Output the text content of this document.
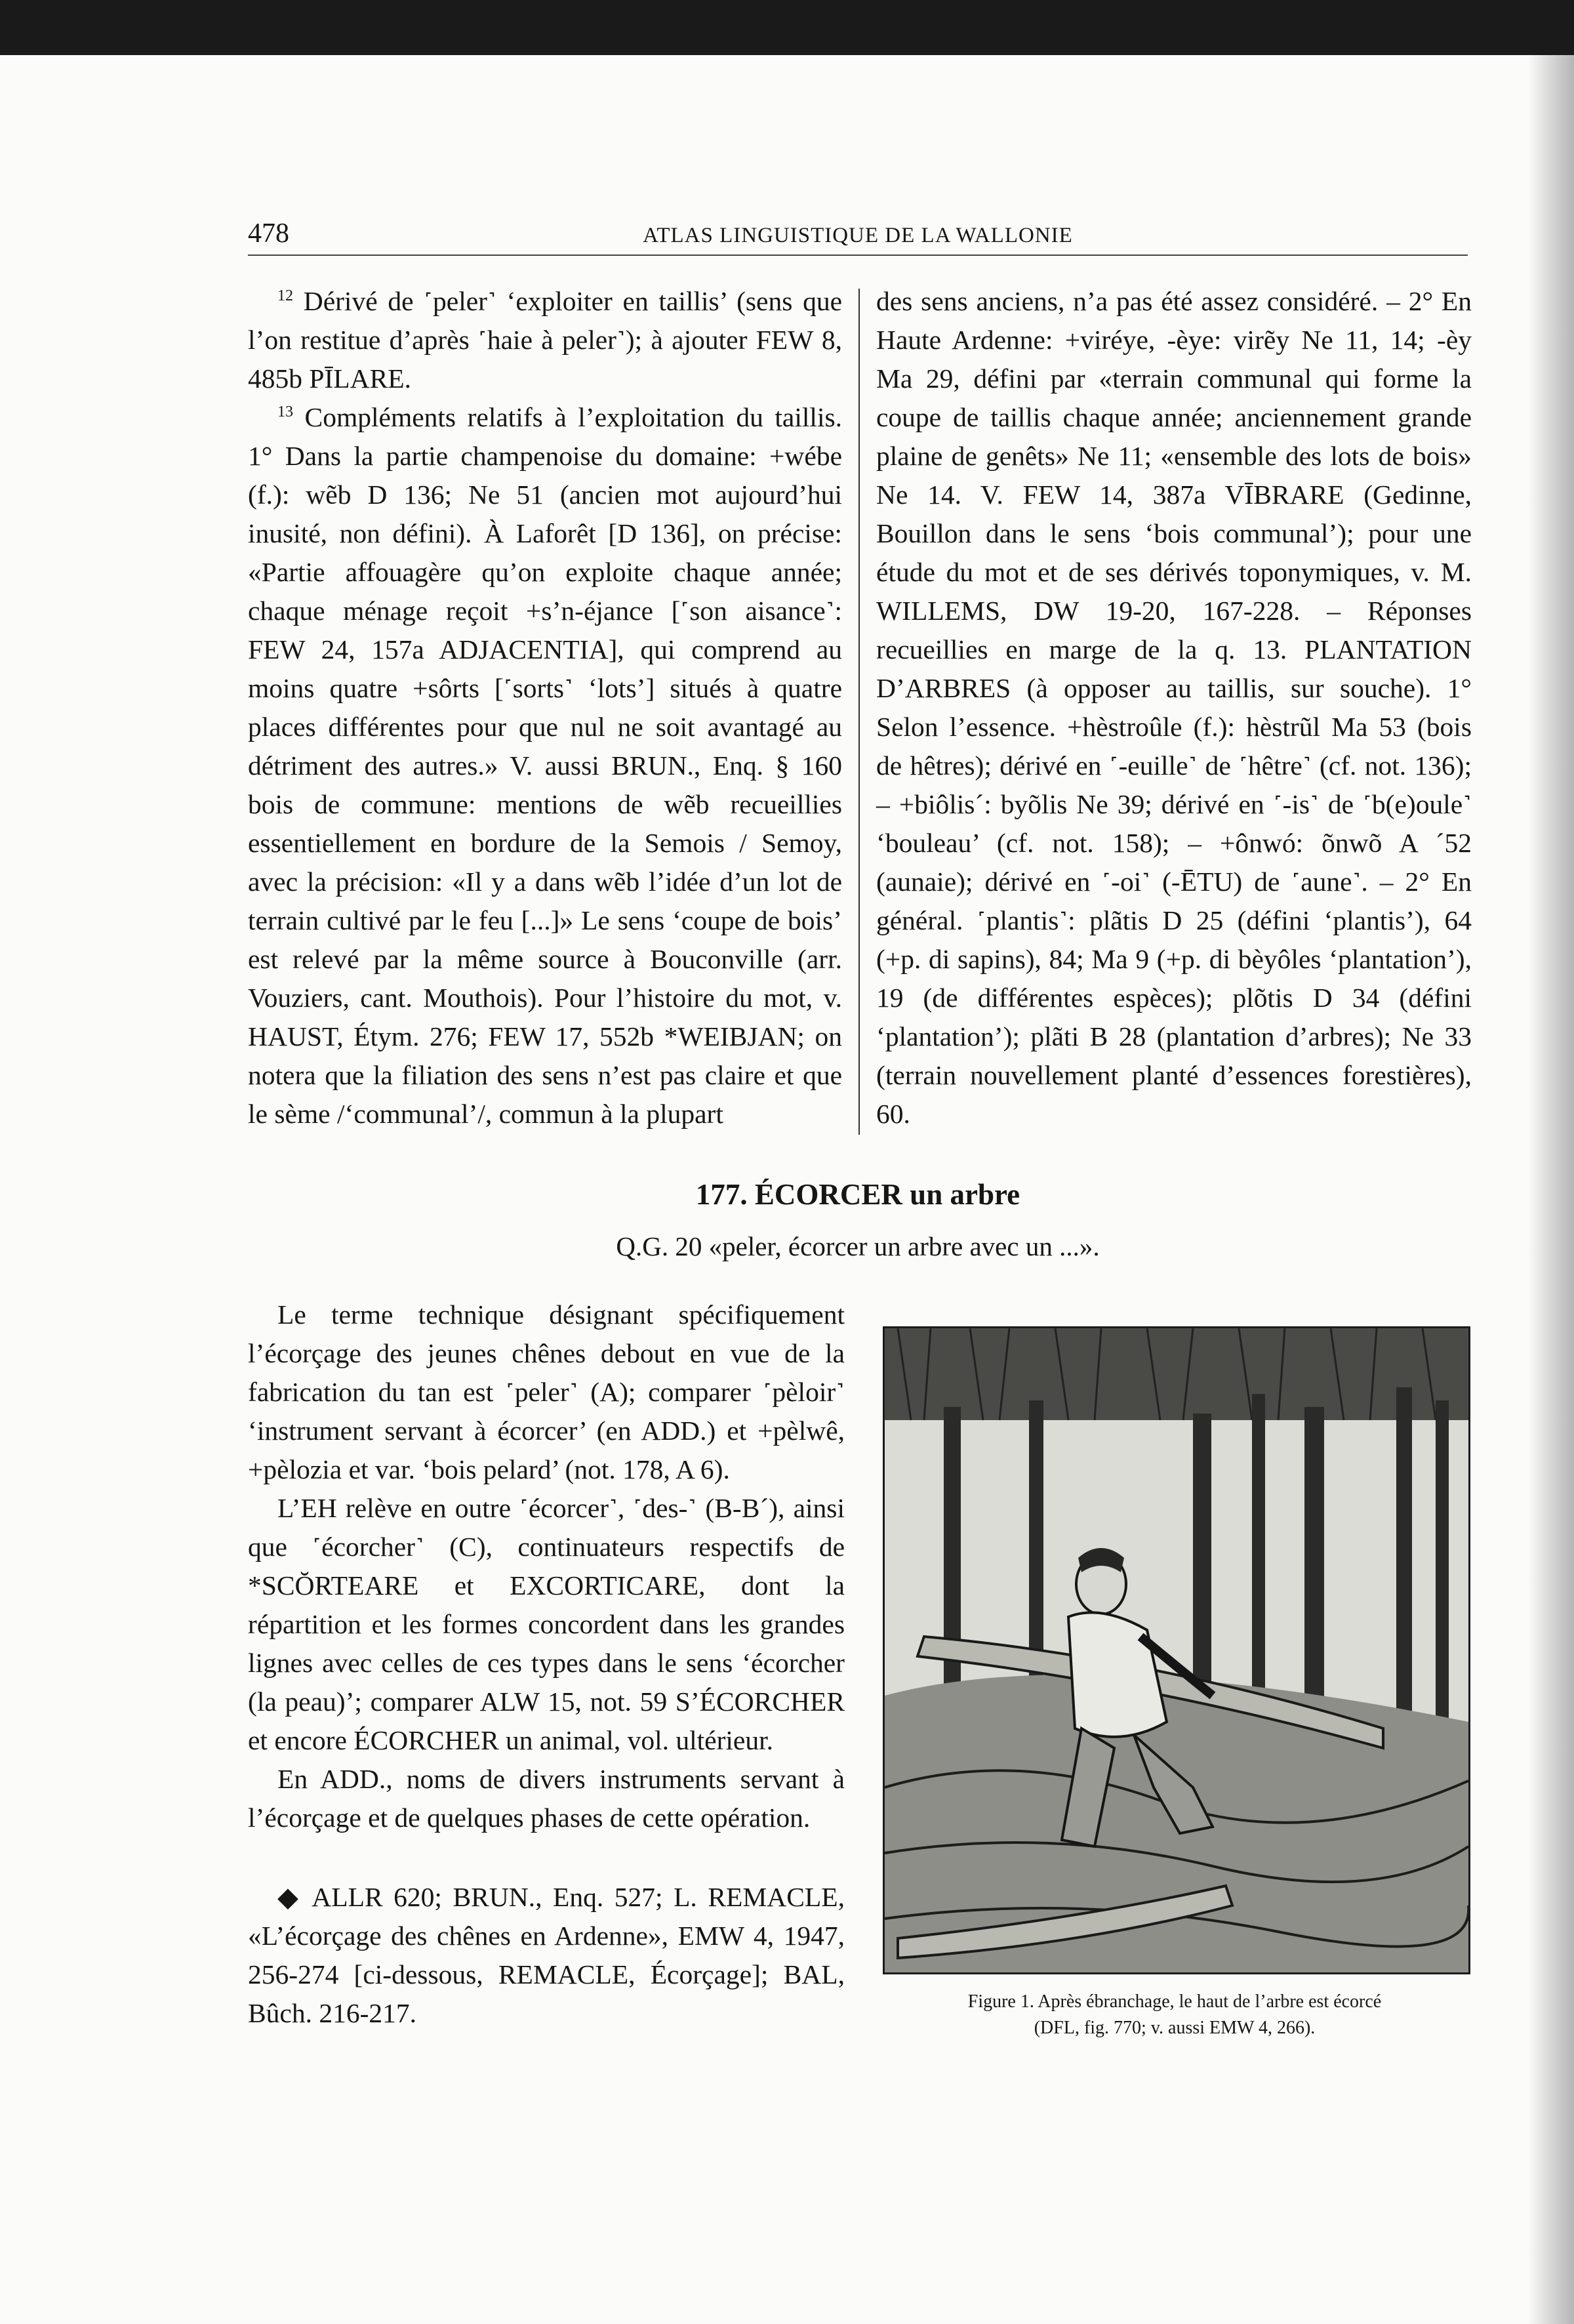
478	ATLAS LINGUISTIQUE DE LA WALLONIE

$^{12}$ Dérivé de ˹peler˺ ‘exploiter en taillis’ (sens que l’on restitue d’après ˹haie à peler˺); à ajouter FEW 8, 485b PĪLARE.

$^{13}$ Compléments relatifs à l’exploitation du taillis. 1° Dans la partie champenoise du domaine: +wébe (f.): wẽb D 136; Ne 51 (ancien mot aujourd’hui inusité, non défini). À Laforêt [D 136], on précise: «Partie affouagère qu’on exploite chaque année; chaque ménage reçoit +s’n-éjance [˹son aisance˺: FEW 24, 157a ADJACENTIA], qui comprend au moins quatre +sôrts [˹sorts˺ ‘lots’] situés à quatre places différentes pour que nul ne soit avantagé au détriment des autres.» V. aussi BRUN., Enq. § 160 bois de commune: mentions de wẽb recueillies essentiellement en bordure de la Semois / Semoy, avec la précision: «Il y a dans wẽb l’idée d’un lot de terrain cultivé par le feu [...]» Le sens ‘coupe de bois’ est relevé par la même source à Bouconville (arr. Vouziers, cant. Mouthois). Pour l’histoire du mot, v. HAUST, Étym. 276; FEW 17, 552b *WEIBJAN; on notera que la filiation des sens n’est pas claire et que le sème /‘communal’/, commun à la plupart

des sens anciens, n’a pas été assez considéré. – 2° En Haute Ardenne: +viréye, -èye: virẽy Ne 11, 14; -èy Ma 29, défini par «terrain communal qui forme la coupe de taillis chaque année; anciennement grande plaine de genêts» Ne 11; «ensemble des lots de bois» Ne 14. V. FEW 14, 387a VĪBRARE (Gedinne, Bouillon dans le sens ‘bois communal’); pour une étude du mot et de ses dérivés toponymiques, v. M. WILLEMS, DW 19-20, 167-228. – Réponses recueillies en marge de la q. 13. PLANTATION D’ARBRES (à opposer au taillis, sur souche). 1° Selon l’essence. +hèstroûle (f.): hèstrũl Ma 53 (bois de hêtres); dérivé en ˹-euille˺ de ˹hêtre˺ (cf. not. 136); – +biôlis´: byõlis Ne 39; dérivé en ˹-is˺ de ˹b(e)oule˺ ‘bouleau’ (cf. not. 158); – +ônwó: õnwõ A ´52 (aunaie); dérivé en ˹-oi˺ (-ĒTU) de ˹aune˺. – 2° En général. ˹plantis˺: plãtis D 25 (défini ‘plantis’), 64 (+p. di sapins), 84; Ma 9 (+p. di bèyôles ‘plantation’), 19 (de différentes espèces); plõtis D 34 (défini ‘plantation’); plãti B 28 (plantation d’arbres); Ne 33 (terrain nouvellement planté d’essences forestières), 60.

177. ÉCORCER un arbre
Q.G. 20 «peler, écorcer un arbre avec un ...».

Le terme technique désignant spécifiquement l’écorçage des jeunes chênes debout en vue de la fabrication du tan est ˹peler˺ (A); comparer ˹pèloir˺ ‘instrument servant à écorcer’ (en ADD.) et +pèlwê, +pèlozia et var. ‘bois pelard’ (not. 178, A 6).

L’EH relève en outre ˹écorcer˺, ˹des-˺ (B-B´), ainsi que ˹écorcher˺ (C), continuateurs respectifs de *SCŎRTEARE et EXCORTICARE, dont la répartition et les formes concordent dans les grandes lignes avec celles de ces types dans le sens ‘écorcher (la peau)’; comparer ALW 15, not. 59 S’ÉCORCHER et encore ÉCORCHER un animal, vol. ultérieur.

En ADD., noms de divers instruments servant à l’écorçage et de quelques phases de cette opération.

◆ ALLR 620; BRUN., Enq. 527; L. REMACLE, «L’écorçage des chênes en Ardenne», EMW 4, 1947, 256-274 [ci-dessous, REMACLE, Écorçage]; BAL, Bûch. 216-217.	Figure 1. Après ébranchage, le haut de l’arbre est écorcé
(DFL, fig. 770; v. aussi EMW 4, 266).
